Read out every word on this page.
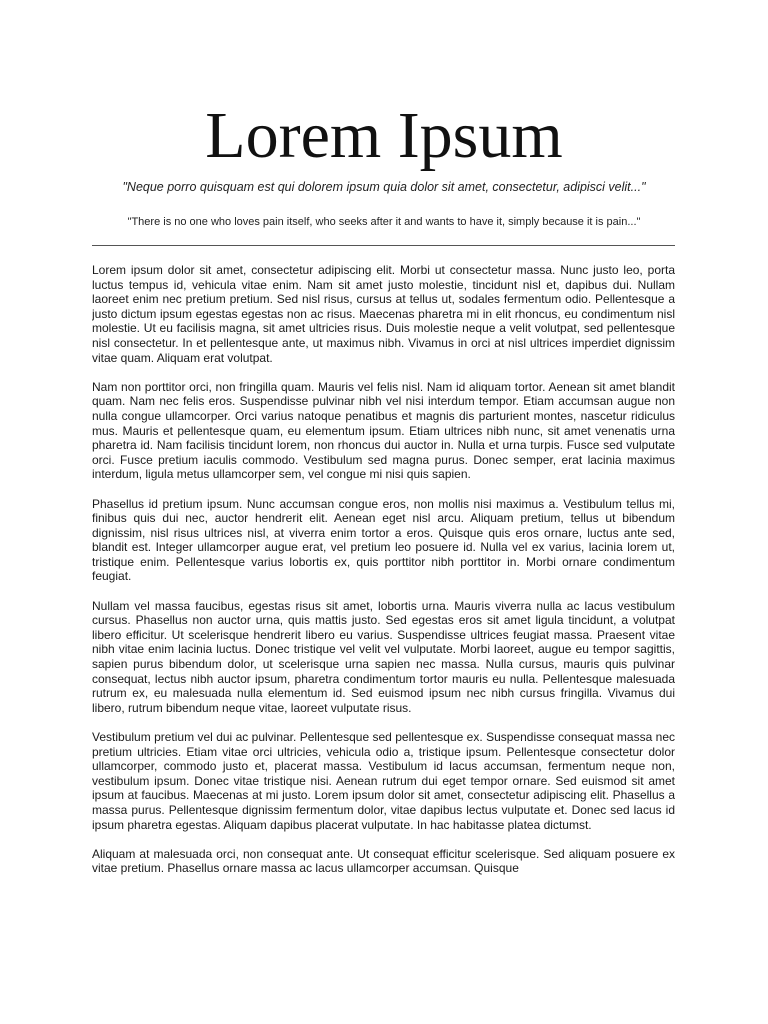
Lorem Ipsum

"Neque porro quisquam est qui dolorem ipsum quia dolor sit amet, consectetur, adipisci velit..."

"There is no one who loves pain itself, who seeks after it and wants to have it, simply because it is pain..."

Lorem ipsum dolor sit amet, consectetur adipiscing elit. Morbi ut consectetur massa. Nunc justo leo, porta luctus tempus id, vehicula vitae enim. Nam sit amet justo molestie, tincidunt nisl et, dapibus dui. Nullam laoreet enim nec pretium pretium. Sed nisl risus, cursus at tellus ut, sodales fermentum odio. Pellentesque a justo dictum ipsum egestas egestas non ac risus. Maecenas pharetra mi in elit rhoncus, eu condimentum nisl molestie. Ut eu facilisis magna, sit amet ultricies risus. Duis molestie neque a velit volutpat, sed pellentesque nisl consectetur. In et pellentesque ante, ut maximus nibh. Vivamus in orci at nisl ultrices imperdiet dignissim vitae quam. Aliquam erat volutpat.

Nam non porttitor orci, non fringilla quam. Mauris vel felis nisl. Nam id aliquam tortor. Aenean sit amet blandit quam. Nam nec felis eros. Suspendisse pulvinar nibh vel nisi interdum tempor. Etiam accumsan augue non nulla congue ullamcorper. Orci varius natoque penatibus et magnis dis parturient montes, nascetur ridiculus mus. Mauris et pellentesque quam, eu elementum ipsum. Etiam ultrices nibh nunc, sit amet venenatis urna pharetra id. Nam facilisis tincidunt lorem, non rhoncus dui auctor in. Nulla et urna turpis. Fusce sed vulputate orci. Fusce pretium iaculis commodo. Vestibulum sed magna purus. Donec semper, erat lacinia maximus interdum, ligula metus ullamcorper sem, vel congue mi nisi quis sapien.

Phasellus id pretium ipsum. Nunc accumsan congue eros, non mollis nisi maximus a. Vestibulum tellus mi, finibus quis dui nec, auctor hendrerit elit. Aenean eget nisl arcu. Aliquam pretium, tellus ut bibendum dignissim, nisl risus ultrices nisl, at viverra enim tortor a eros. Quisque quis eros ornare, luctus ante sed, blandit est. Integer ullamcorper augue erat, vel pretium leo posuere id. Nulla vel ex varius, lacinia lorem ut, tristique enim. Pellentesque varius lobortis ex, quis porttitor nibh porttitor in. Morbi ornare condimentum feugiat.

Nullam vel massa faucibus, egestas risus sit amet, lobortis urna. Mauris viverra nulla ac lacus vestibulum cursus. Phasellus non auctor urna, quis mattis justo. Sed egestas eros sit amet ligula tincidunt, a volutpat libero efficitur. Ut scelerisque hendrerit libero eu varius. Suspendisse ultrices feugiat massa. Praesent vitae nibh vitae enim lacinia luctus. Donec tristique vel velit vel vulputate. Morbi laoreet, augue eu tempor sagittis, sapien purus bibendum dolor, ut scelerisque urna sapien nec massa. Nulla cursus, mauris quis pulvinar consequat, lectus nibh auctor ipsum, pharetra condimentum tortor mauris eu nulla. Pellentesque malesuada rutrum ex, eu malesuada nulla elementum id. Sed euismod ipsum nec nibh cursus fringilla. Vivamus dui libero, rutrum bibendum neque vitae, laoreet vulputate risus.

Vestibulum pretium vel dui ac pulvinar. Pellentesque sed pellentesque ex. Suspendisse consequat massa nec pretium ultricies. Etiam vitae orci ultricies, vehicula odio a, tristique ipsum. Pellentesque consectetur dolor ullamcorper, commodo justo et, placerat massa. Vestibulum id lacus accumsan, fermentum neque non, vestibulum ipsum. Donec vitae tristique nisi. Aenean rutrum dui eget tempor ornare. Sed euismod sit amet ipsum at faucibus. Maecenas at mi justo. Lorem ipsum dolor sit amet, consectetur adipiscing elit. Phasellus a massa purus. Pellentesque dignissim fermentum dolor, vitae dapibus lectus vulputate et. Donec sed lacus id ipsum pharetra egestas. Aliquam dapibus placerat vulputate. In hac habitasse platea dictumst.

Aliquam at malesuada orci, non consequat ante. Ut consequat efficitur scelerisque. Sed aliquam posuere ex vitae pretium. Phasellus ornare massa ac lacus ullamcorper accumsan. Quisque
